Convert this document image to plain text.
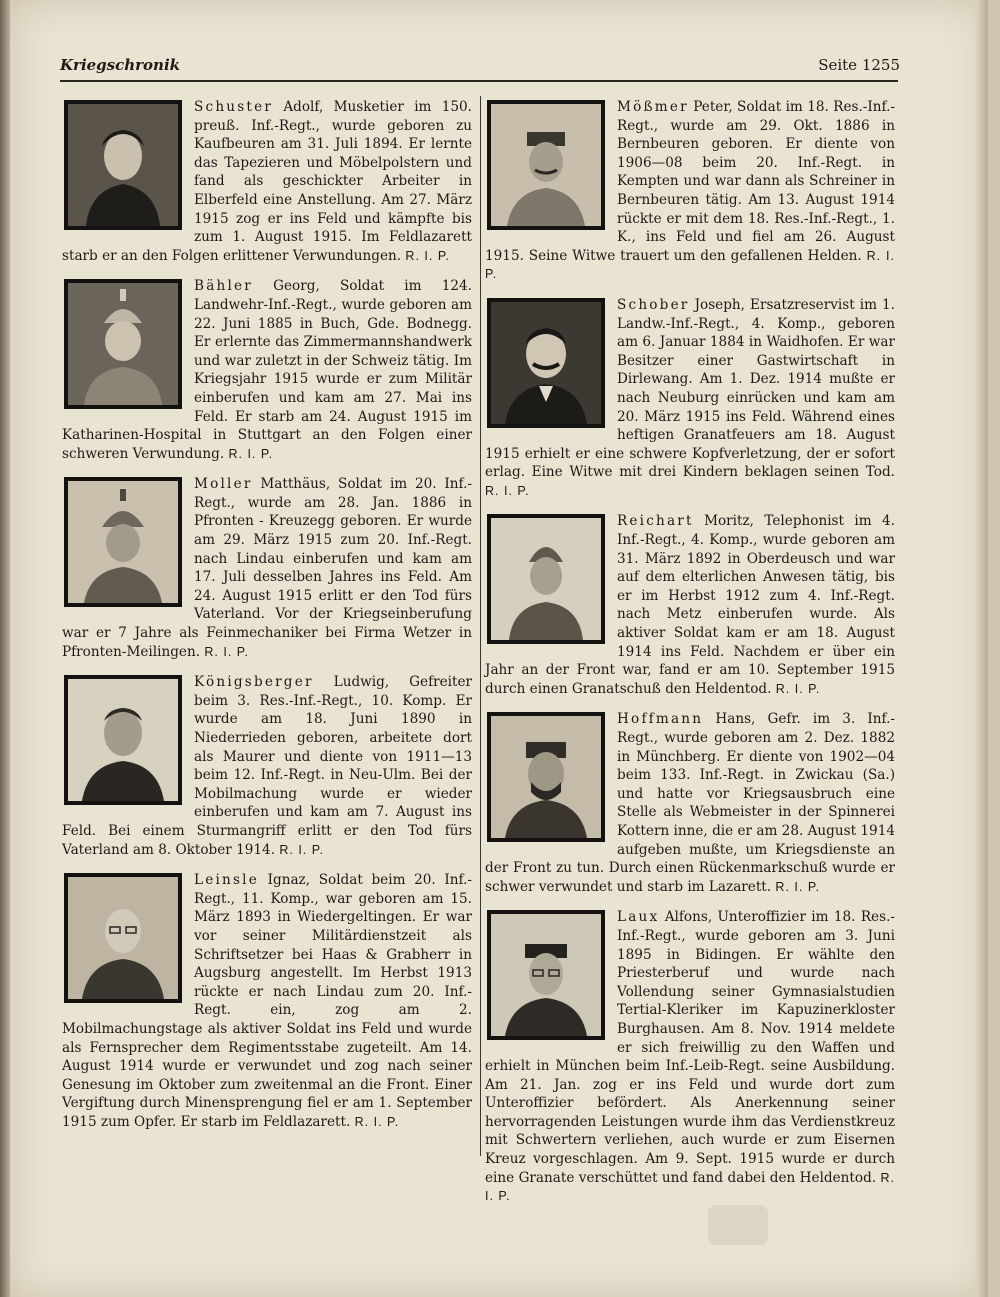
Kriegschronik	Seite 1255
Schuster Adolf, Musketier im 150. preuß. Inf.-Regt., wurde geboren zu Kaufbeuren am 31. Juli 1894. Er lernte das Tapezieren und Möbelpolstern und fand als geschickter Arbeiter in Elberfeld eine Anstellung. Am 27. März 1915 zog er ins Feld und kämpfte bis zum 1. August 1915. Im Feldlazarett starb er an den Folgen erlittener Verwundungen. R. I. P.
Bähler Georg, Soldat im 124. Landwehr-Inf.-Regt., wurde geboren am 22. Juni 1885 in Buch, Gde. Bodnegg. Er erlernte das Zimmermannshandwerk und war zuletzt in der Schweiz tätig. Im Kriegsjahr 1915 wurde er zum Militär einberufen und kam am 27. Mai ins Feld. Er starb am 24. August 1915 im Katharinen-Hospital in Stuttgart an den Folgen einer schweren Verwundung. R. I. P.
Moller Matthäus, Soldat im 20. Inf.-Regt., wurde am 28. Jan. 1886 in Pfronten - Kreuzegg geboren. Er wurde am 29. März 1915 zum 20. Inf.-Regt. nach Lindau einberufen und kam am 17. Juli desselben Jahres ins Feld. Am 24. August 1915 erlitt er den Tod fürs Vaterland. Vor der Kriegseinberufung war er 7 Jahre als Feinmechaniker bei Firma Wetzer in Pfronten-Meilingen. R. I. P.
Königsberger Ludwig, Gefreiter beim 3. Res.-Inf.-Regt., 10. Komp. Er wurde am 18. Juni 1890 in Niederrieden geboren, arbeitete dort als Maurer und diente von 1911—13 beim 12. Inf.-Regt. in Neu-Ulm. Bei der Mobilmachung wurde er wieder einberufen und kam am 7. August ins Feld. Bei einem Sturmangriff erlitt er den Tod fürs Vaterland am 8. Oktober 1914. R. I. P.
Leinsle Ignaz, Soldat beim 20. Inf.-Regt., 11. Komp., war geboren am 15. März 1893 in Wiedergeltingen. Er war vor seiner Militärdienstzeit als Schriftsetzer bei Haas & Grabherr in Augsburg angestellt. Im Herbst 1913 rückte er nach Lindau zum 20. Inf.-Regt. ein, zog am 2. Mobilmachungstage als aktiver Soldat ins Feld und wurde als Fernsprecher dem Regimentsstabe zugeteilt. Am 14. August 1914 wurde er verwundet und zog nach seiner Genesung im Oktober zum zweitenmal an die Front. Einer Vergiftung durch Minensprengung fiel er am 1. September 1915 zum Opfer. Er starb im Feldlazarett. R. I. P.
Mößmer Peter, Soldat im 18. Res.-Inf.-Regt., wurde am 29. Okt. 1886 in Bernbeuren geboren. Er diente von 1906—08 beim 20. Inf.-Regt. in Kempten und war dann als Schreiner in Bernbeuren tätig. Am 13. August 1914 rückte er mit dem 18. Res.-Inf.-Regt., 1. K., ins Feld und fiel am 26. August 1915. Seine Witwe trauert um den gefallenen Helden. R. I. P.
Schober Joseph, Ersatzreservist im 1. Landw.-Inf.-Regt., 4. Komp., geboren am 6. Januar 1884 in Waidhofen. Er war Besitzer einer Gastwirtschaft in Dirlewang. Am 1. Dez. 1914 mußte er nach Neuburg einrücken und kam am 20. März 1915 ins Feld. Während eines heftigen Granatfeuers am 18. August 1915 erhielt er eine schwere Kopfverletzung, der er sofort erlag. Eine Witwe mit drei Kindern beklagen seinen Tod. R. I. P.
Reichart Moritz, Telephonist im 4. Inf.-Regt., 4. Komp., wurde geboren am 31. März 1892 in Oberdeusch und war auf dem elterlichen Anwesen tätig, bis er im Herbst 1912 zum 4. Inf.-Regt. nach Metz einberufen wurde. Als aktiver Soldat kam er am 18. August 1914 ins Feld. Nachdem er über ein Jahr an der Front war, fand er am 10. September 1915 durch einen Granatschuß den Heldentod. R. I. P.
Hoffmann Hans, Gefr. im 3. Inf.-Regt., wurde geboren am 2. Dez. 1882 in Münchberg. Er diente von 1902—04 beim 133. Inf.-Regt. in Zwickau (Sa.) und hatte vor Kriegsausbruch eine Stelle als Webmeister in der Spinnerei Kottern inne, die er am 28. August 1914 aufgeben mußte, um Kriegsdienste an der Front zu tun. Durch einen Rückenmarkschuß wurde er schwer verwundet und starb im Lazarett. R. I. P.
Laux Alfons, Unteroffizier im 18. Res.-Inf.-Regt., wurde geboren am 3. Juni 1895 in Bidingen. Er wählte den Priesterberuf und wurde nach Vollendung seiner Gymnasialstudien Tertial-Kleriker im Kapuzinerkloster Burghausen. Am 8. Nov. 1914 meldete er sich freiwillig zu den Waffen und erhielt in München beim Inf.-Leib-Regt. seine Ausbildung. Am 21. Jan. zog er ins Feld und wurde dort zum Unteroffizier befördert. Als Anerkennung seiner hervorragenden Leistungen wurde ihm das Verdienstkreuz mit Schwertern verliehen, auch wurde er zum Eisernen Kreuz vorgeschlagen. Am 9. Sept. 1915 wurde er durch eine Granate verschüttet und fand dabei den Heldentod. R. I. P.
